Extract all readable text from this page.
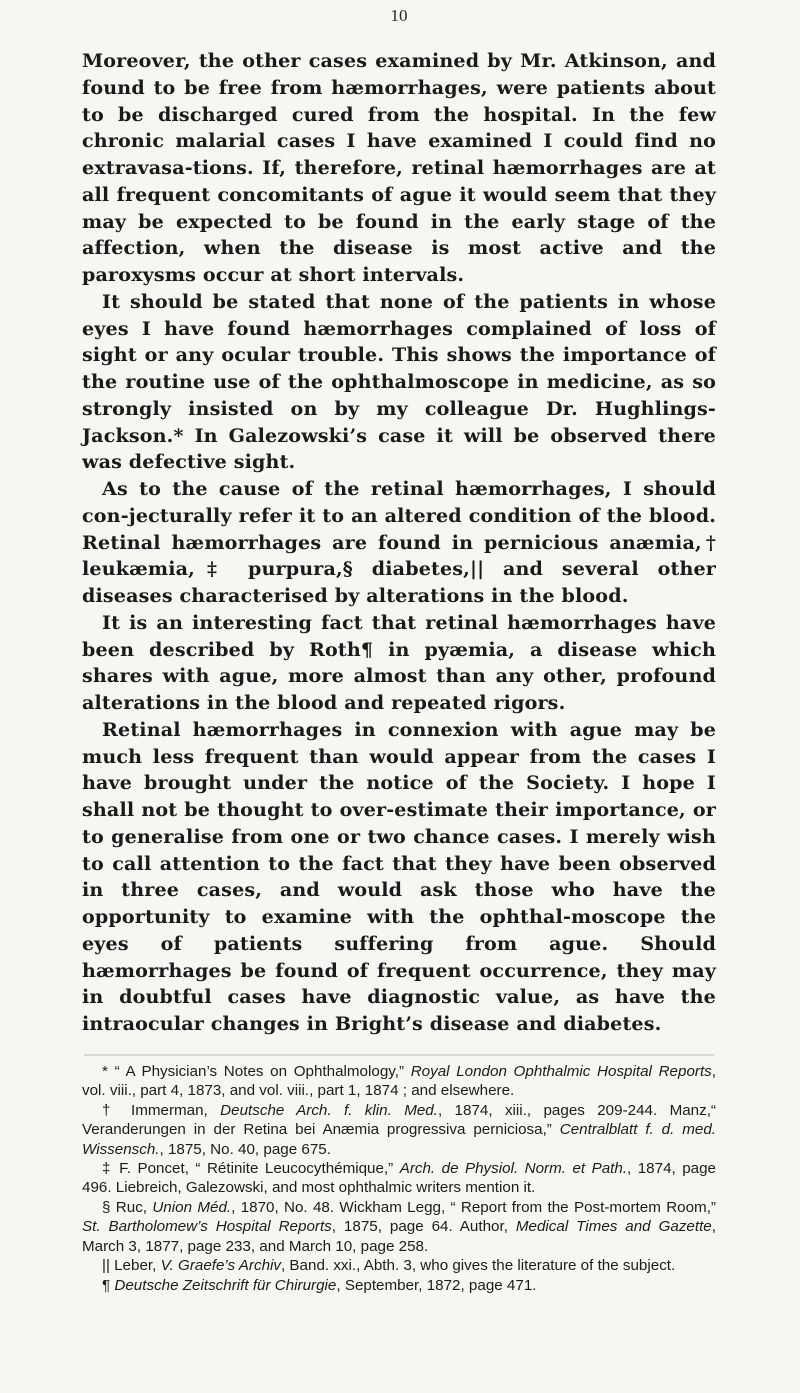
10

Moreover, the other cases examined by Mr. Atkinson, and found to be free from hæmorrhages, were patients about to be discharged cured from the hospital. In the few chronic malarial cases I have examined I could find no extravasa-tions. If, therefore, retinal hæmorrhages are at all frequent concomitants of ague it would seem that they may be expected to be found in the early stage of the affection, when the disease is most active and the paroxysms occur at short intervals.

It should be stated that none of the patients in whose eyes I have found hæmorrhages complained of loss of sight or any ocular trouble. This shows the importance of the routine use of the ophthalmoscope in medicine, as so strongly insisted on by my colleague Dr. Hughlings-Jackson.* In Galezowski’s case it will be observed there was defective sight.

As to the cause of the retinal hæmorrhages, I should con-jecturally refer it to an altered condition of the blood. Retinal hæmorrhages are found in pernicious anæmia,† leukæmia,‡ purpura,§ diabetes,|| and several other diseases characterised by alterations in the blood.

It is an interesting fact that retinal hæmorrhages have been described by Roth¶ in pyæmia, a disease which shares with ague, more almost than any other, profound alterations in the blood and repeated rigors.

Retinal hæmorrhages in connexion with ague may be much less frequent than would appear from the cases I have brought under the notice of the Society. I hope I shall not be thought to over-estimate their importance, or to generalise from one or two chance cases. I merely wish to call attention to the fact that they have been observed in three cases, and would ask those who have the opportunity to examine with the ophthal-moscope the eyes of patients suffering from ague. Should hæmorrhages be found of frequent occurrence, they may in doubtful cases have diagnostic value, as have the intraocular changes in Bright’s disease and diabetes.

* “ A Physician’s Notes on Ophthalmology,” Royal London Ophthalmic Hospital Reports, vol. viii., part 4, 1873, and vol. viii., part 1, 1874 ; and elsewhere.

† Immerman, Deutsche Arch. f. klin. Med., 1874, xiii., pages 209-244. Manz,“ Veranderungen in der Retina bei Anæmia progressiva perniciosa,” Centralblatt f. d. med. Wissensch., 1875, No. 40, page 675.

‡ F. Poncet, “ Rétinite Leucocythémique,” Arch. de Physiol. Norm. et Path., 1874, page 496. Liebreich, Galezowski, and most ophthalmic writers mention it.

§ Ruc, Union Méd., 1870, No. 48. Wickham Legg, “ Report from the Post-mortem Room,” St. Bartholomew’s Hospital Reports, 1875, page 64. Author, Medical Times and Gazette, March 3, 1877, page 233, and March 10, page 258.

|| Leber, V. Graefe’s Archiv, Band. xxi., Abth. 3, who gives the literature of the subject.

¶ Deutsche Zeitschrift für Chirurgie, September, 1872, page 471.
